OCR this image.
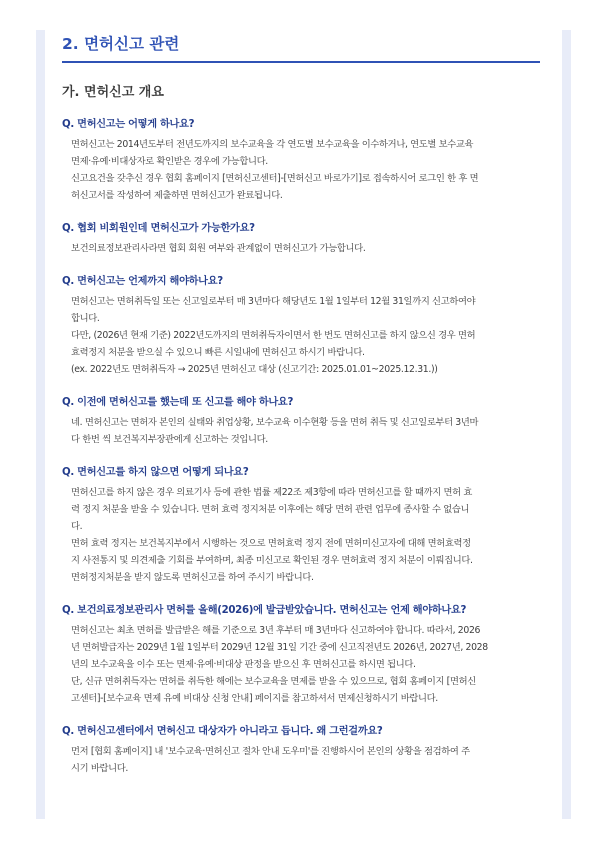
2. 면허신고 관련
가. 면허신고 개요
Q. 면허신고는 어떻게 하나요?
면허신고는 2014년도부터 전년도까지의 보수교육을 각 연도별 보수교육을 이수하거나, 연도별 보수교육
면제·유예·비대상자로 확인받은 경우에 가능합니다.
신고요건을 갖추신 경우 협회 홈페이지 [면허신고센터]-[면허신고 바로가기]로 접속하시어 로그인 한 후 면
허신고서를 작성하여 제출하면 면허신고가 완료됩니다.
Q. 협회 비회원인데 면허신고가 가능한가요?
보건의료정보관리사라면 협회 회원 여부와 관계없이 면허신고가 가능합니다.
Q. 면허신고는 언제까지 해야하나요?
면허신고는 면허취득일 또는 신고일로부터 매 3년마다 해당년도 1월 1일부터 12월 31일까지 신고하여야
합니다.
다만, (2026년 현재 기준) 2022년도까지의 면허취득자이면서 한 번도 면허신고를 하지 않으신 경우 면허
효력정지 처분을 받으실 수 있으니 빠른 시일내에 면허신고 하시기 바랍니다.
(ex. 2022년도 면허취득자 → 2025년 면허신고 대상 (신고기간: 2025.01.01~2025.12.31.))
Q. 이전에 면허신고를 했는데 또 신고를 해야 하나요?
네. 면허신고는 면허자 본인의 실태와 취업상황, 보수교육 이수현황 등을 면허 취득 및 신고일로부터 3년마
다 한번 씩 보건복지부장관에게 신고하는 것입니다.
Q. 면허신고를 하지 않으면 어떻게 되나요?
면허신고를 하지 않은 경우 의료기사 등에 관한 법률 제22조 제3항에 따라 면허신고를 할 때까지 면허 효
력 정지 처분을 받을 수 있습니다. 면허 효력 정지처분 이후에는 해당 면허 관련 업무에 종사할 수 없습니
다.
면허 효력 정지는 보건복지부에서 시행하는 것으로 면허효력 정지 전에 면허미신고자에 대해 면허효력정
지 사전통지 및 의견제출 기회를 부여하며, 최종 미신고로 확인된 경우 면허효력 정지 처분이 이뤄집니다.
면허정지처분을 받지 않도록 면허신고를 하여 주시기 바랍니다.
Q. 보건의료정보관리사 면허를 올해(2026)에 발급받았습니다. 면허신고는 언제 해야하나요?
면허신고는 최초 면허를 발급받은 해를 기준으로 3년 후부터 매 3년마다 신고하여야 합니다. 따라서, 2026
년 면허발급자는 2029년 1월 1일부터 2029년 12월 31일 기간 중에 신고직전년도 2026년, 2027년, 2028
년의 보수교육을 이수 또는 면제·유예·비대상 판정을 받으신 후 면허신고를 하시면 됩니다.
단, 신규 면허취득자는 면허를 취득한 해에는 보수교육을 면제를 받을 수 있으므로, 협회 홈페이지 [면허신
고센터]-[보수교육 면제 유예 비대상 신청 안내] 페이지를 참고하셔서 면제신청하시기 바랍니다.
Q. 면허신고센터에서 면허신고 대상자가 아니라고 듭니다. 왜 그런걸까요?
먼저 [협회 홈페이지] 내 '보수교육·면허신고 절차 안내 도우미'를 진행하시어 본인의 상황을 점검하여 주
시기 바랍니다.
